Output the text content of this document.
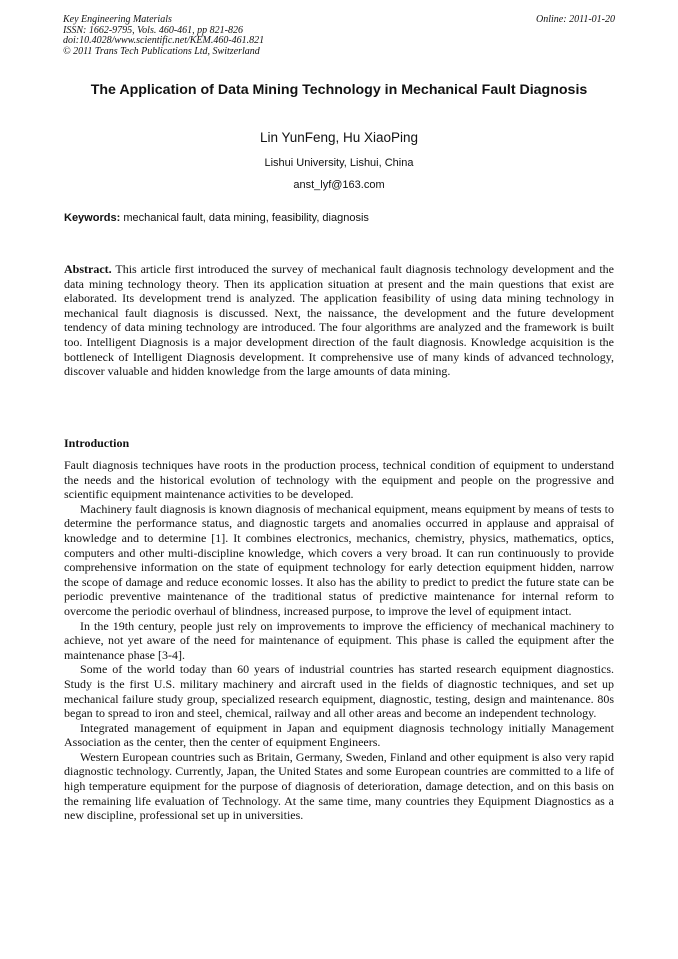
Key Engineering Materials
ISSN: 1662-9795, Vols. 460-461, pp 821-826
doi:10.4028/www.scientific.net/KEM.460-461.821
© 2011 Trans Tech Publications Ltd, Switzerland
Online: 2011-01-20
The Application of Data Mining Technology in Mechanical Fault Diagnosis
Lin YunFeng, Hu XiaoPing
Lishui University, Lishui, China
anst_lyf@163.com
Keywords: mechanical fault, data mining, feasibility, diagnosis
Abstract. This article first introduced the survey of mechanical fault diagnosis technology development and the data mining technology theory. Then its application situation at present and the main questions that exist are elaborated. Its development trend is analyzed. The application feasibility of using data mining technology in mechanical fault diagnosis is discussed. Next, the naissance, the development and the future development tendency of data mining technology are introduced. The four algorithms are analyzed and the framework is built too. Intelligent Diagnosis is a major development direction of the fault diagnosis. Knowledge acquisition is the bottleneck of Intelligent Diagnosis development. It comprehensive use of many kinds of advanced technology, discover valuable and hidden knowledge from the large amounts of data mining.
Introduction

Fault diagnosis techniques have roots in the production process, technical condition of equipment to understand the needs and the historical evolution of technology with the equipment and people on the progressive and scientific equipment maintenance activities to be developed.

Machinery fault diagnosis is known diagnosis of mechanical equipment, means equipment by means of tests to determine the performance status, and diagnostic targets and anomalies occurred in applause and appraisal of knowledge and to determine [1]. It combines electronics, mechanics, chemistry, physics, mathematics, optics, computers and other multi-discipline knowledge, which covers a very broad. It can run continuously to provide comprehensive information on the state of equipment technology for early detection equipment hidden, narrow the scope of damage and reduce economic losses. It also has the ability to predict to predict the future state can be periodic preventive maintenance of the traditional status of predictive maintenance for internal reform to overcome the periodic overhaul of blindness, increased purpose, to improve the level of equipment intact.

In the 19th century, people just rely on improvements to improve the efficiency of mechanical machinery to achieve, not yet aware of the need for maintenance of equipment. This phase is called the equipment after the maintenance phase [3-4].

Some of the world today than 60 years of industrial countries has started research equipment diagnostics. Study is the first U.S. military machinery and aircraft used in the fields of diagnostic techniques, and set up mechanical failure study group, specialized research equipment, diagnostic, testing, design and maintenance. 80s began to spread to iron and steel, chemical, railway and all other areas and become an independent technology.

Integrated management of equipment in Japan and equipment diagnosis technology initially Management Association as the center, then the center of equipment Engineers.

Western European countries such as Britain, Germany, Sweden, Finland and other equipment is also very rapid diagnostic technology. Currently, Japan, the United States and some European countries are committed to a life of high temperature equipment for the purpose of diagnosis of deterioration, damage detection, and on this basis on the remaining life evaluation of Technology. At the same time, many countries they Equipment Diagnostics as a new discipline, professional set up in universities.
